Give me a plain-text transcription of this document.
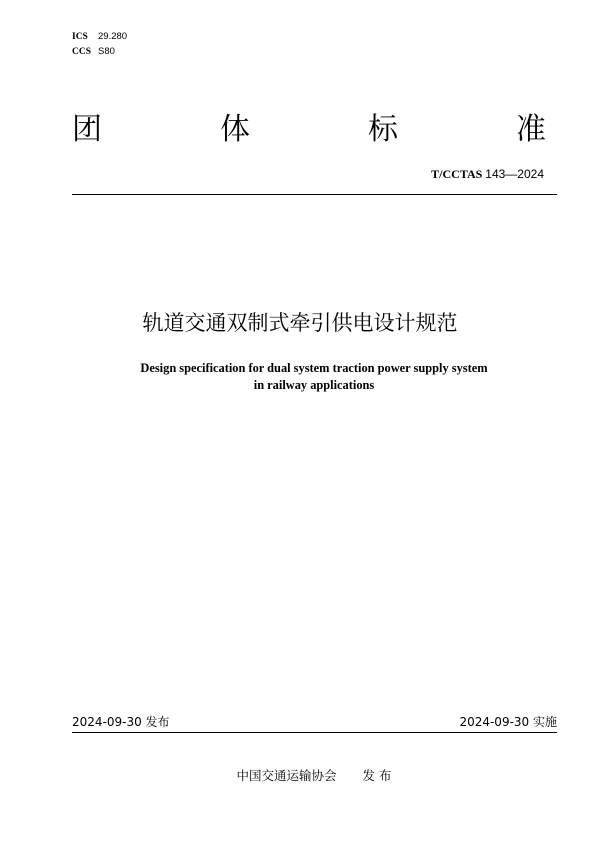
ICS 29.280
CCS S80
团	体	标	准
T/CCTAS 143—2024
轨道交通双制式牵引供电设计规范
Design specification for dual system traction power supply system
in railway applications
2024-09-30 发布	2024-09-30 实施
中国交通运输协会 发 布
